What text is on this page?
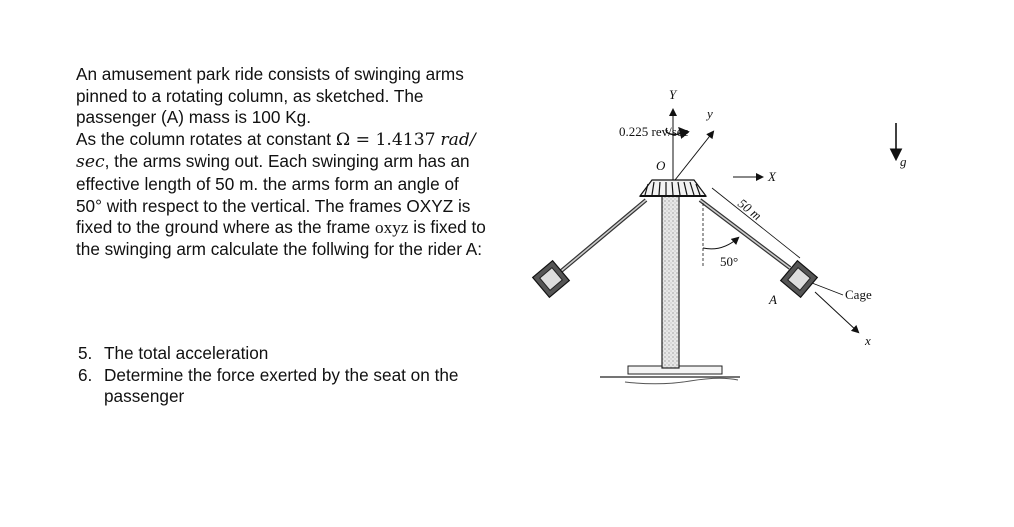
An amusement park ride consists of swinging arms
pinned to a rotating column, as sketched. The
passenger (A) mass is 100 Kg.
As the column rotates at constant Ω = 1.4137 rad/
sec, the arms swing out. Each swinging arm has an
effective length of 50 m. the arms form an angle of
50° with respect to the vertical. The frames OXYZ is
fixed to the ground where as the frame oxyz is fixed to
the swinging arm calculate the follwing for the rider A:
5. The total acceleration
6. Determine the force exerted by the seat on the
passenger
0.225 rev/sec
Y
O
y
X
A
50 m
50°
x
Cage
g
